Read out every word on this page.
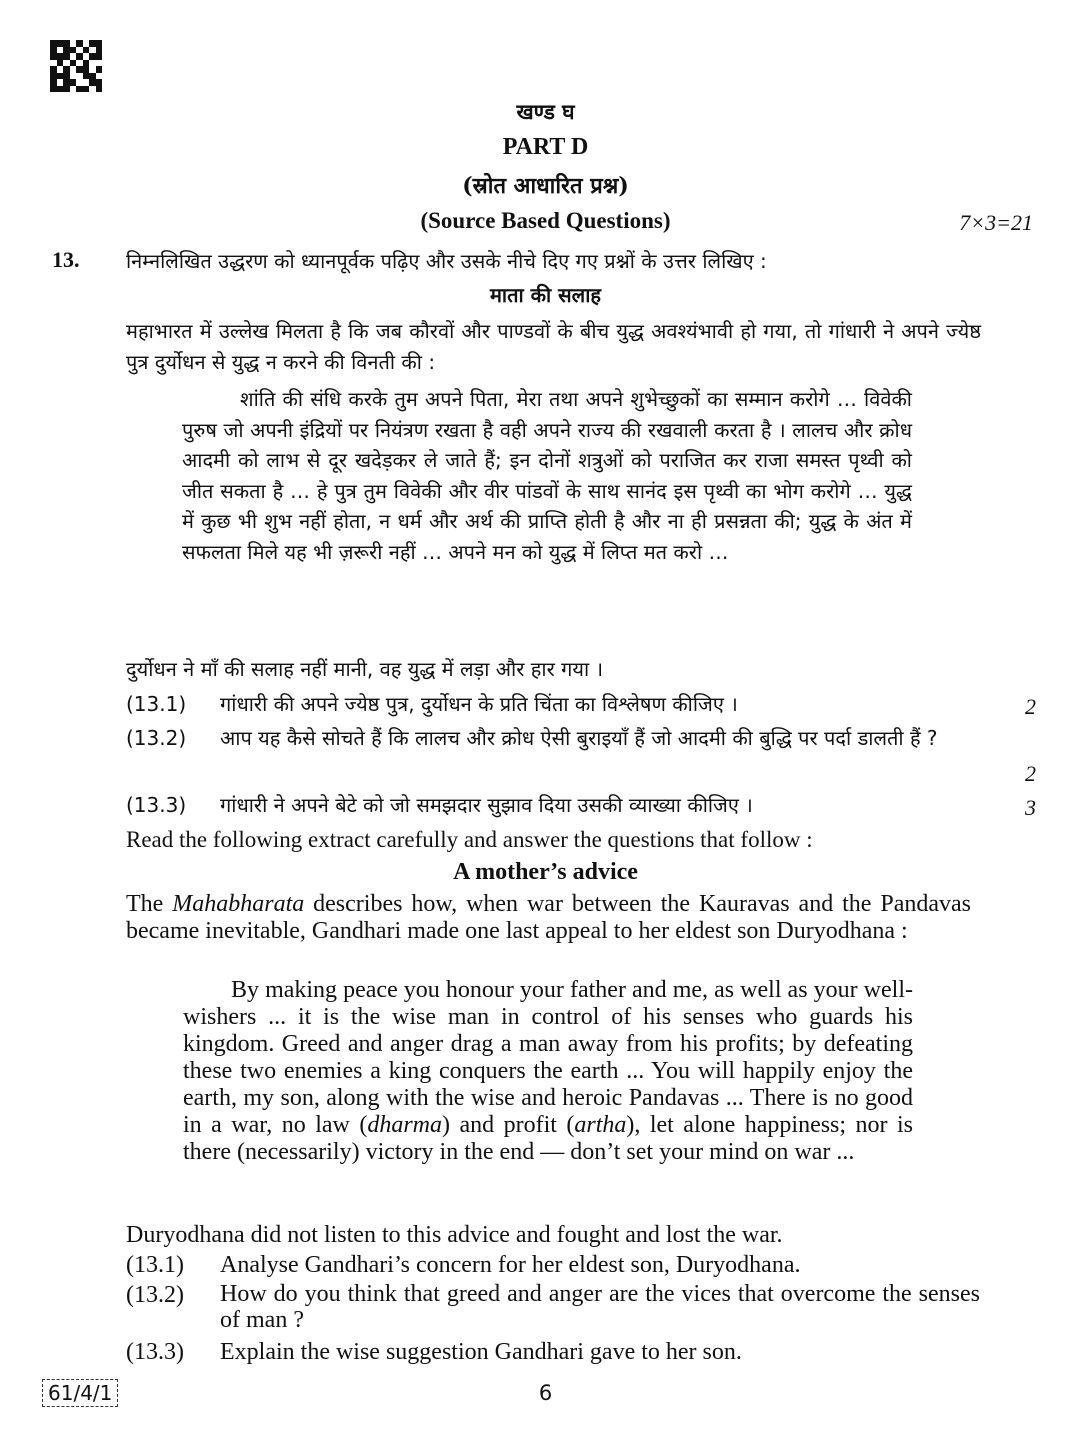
खण्ड घ
PART D
(स्रोत आधारित प्रश्न)
(Source Based Questions)	7×3=21
13. निम्नलिखित उद्धरण को ध्यानपूर्वक पढ़िए और उसके नीचे दिए गए प्रश्नों के उत्तर लिखिए :
माता की सलाह
महाभारत में उल्लेख मिलता है कि जब कौरवों और पाण्डवों के बीच युद्ध अवश्यंभावी हो गया, तो गांधारी ने अपने ज्येष्ठ पुत्र दुर्योधन से युद्ध न करने की विनती की :
शांति की संधि करके तुम अपने पिता, मेरा तथा अपने शुभेच्छुकों का सम्मान करोगे … विवेकी पुरुष जो अपनी इंद्रियों पर नियंत्रण रखता है वही अपने राज्य की रखवाली करता है । लालच और क्रोध आदमी को लाभ से दूर खदेड़कर ले जाते हैं; इन दोनों शत्रुओं को पराजित कर राजा समस्त पृथ्वी को जीत सकता है … हे पुत्र तुम विवेकी और वीर पांडवों के साथ सानंद इस पृथ्वी का भोग करोगे … युद्ध में कुछ भी शुभ नहीं होता, न धर्म और अर्थ की प्राप्ति होती है और ना ही प्रसन्नता की; युद्ध के अंत में सफलता मिले यह भी ज़रूरी नहीं … अपने मन को युद्ध में लिप्त मत करो …
दुर्योधन ने माँ की सलाह नहीं मानी, वह युद्ध में लड़ा और हार गया ।
(13.1) गांधारी की अपने ज्येष्ठ पुत्र, दुर्योधन के प्रति चिंता का विश्लेषण कीजिए ।	2
(13.2) आप यह कैसे सोचते हैं कि लालच और क्रोध ऐसी बुराइयाँ हैं जो आदमी की बुद्धि पर पर्दा डालती हैं ?
2
(13.3) गांधारी ने अपने बेटे को जो समझदार सुझाव दिया उसकी व्याख्या कीजिए ।	3
Read the following extract carefully and answer the questions that follow :
A mother’s advice
The Mahabharata describes how, when war between the Kauravas and the Pandavas became inevitable, Gandhari made one last appeal to her eldest son Duryodhana :
By making peace you honour your father and me, as well as your well-wishers ... it is the wise man in control of his senses who guards his kingdom. Greed and anger drag a man away from his profits; by defeating these two enemies a king conquers the earth ... You will happily enjoy the earth, my son, along with the wise and heroic Pandavas ... There is no good in a war, no law (dharma) and profit (artha), let alone happiness; nor is there (necessarily) victory in the end — don’t set your mind on war ...
Duryodhana did not listen to this advice and fought and lost the war.
(13.1) Analyse Gandhari’s concern for her eldest son, Duryodhana.
(13.2) How do you think that greed and anger are the vices that overcome the senses of man ?
(13.3) Explain the wise suggestion Gandhari gave to her son.
61/4/1	6
